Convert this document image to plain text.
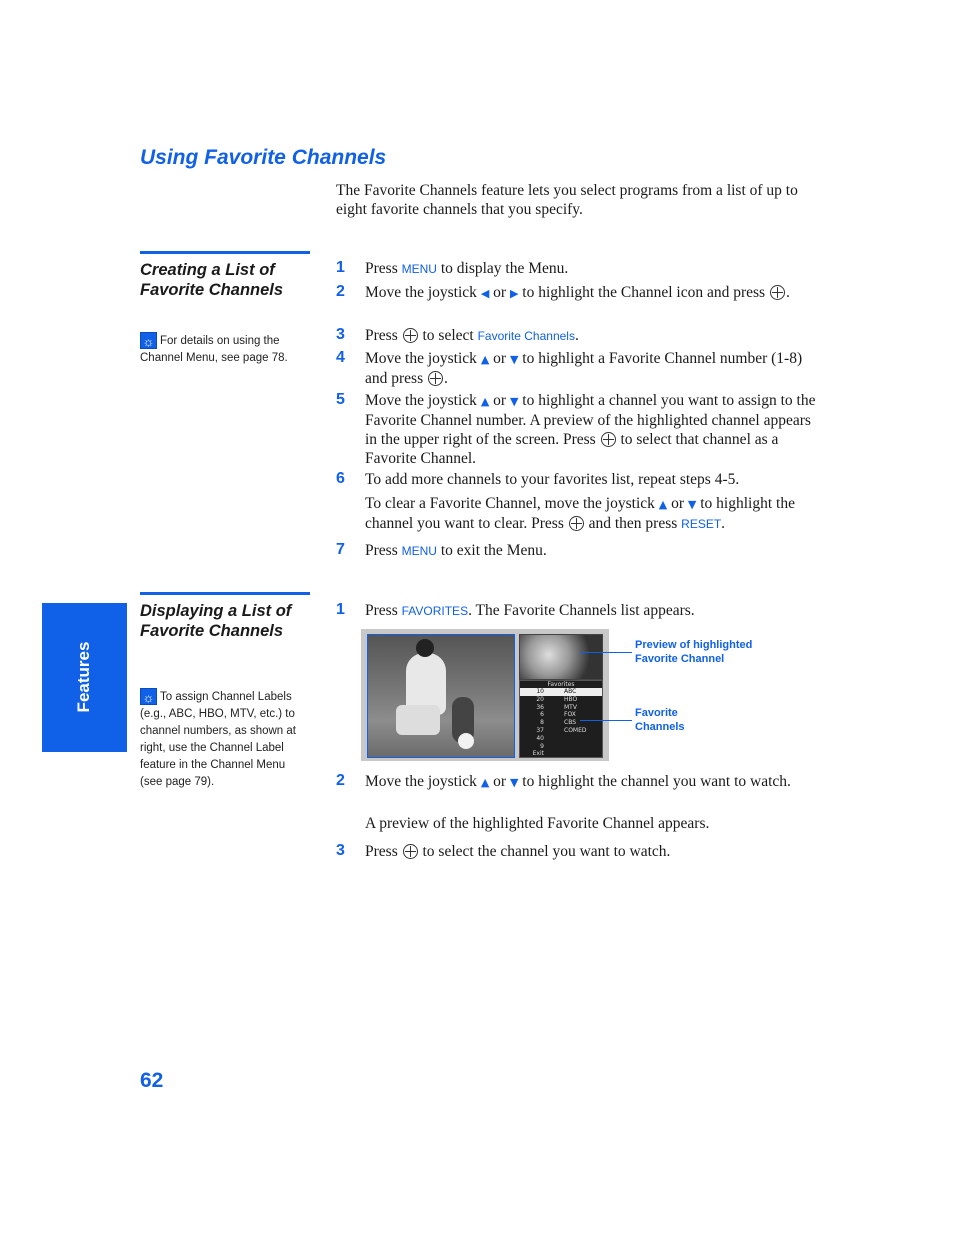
Using Favorite Channels
The Favorite Channels feature lets you select programs from a list of up to eight favorite channels that you specify.
Creating a List of Favorite Channels
☼ For details on using the Channel Menu, see page 78.
1 Press MENU to display the Menu.
2 Move the joystick ◀ or ▶ to highlight the Channel icon and press .
3 Press  to select Favorite Channels.
4 Move the joystick ▲ or ▼ to highlight a Favorite Channel number (1-8) and press .
5 Move the joystick ▲ or ▼ to highlight a channel you want to assign to the Favorite Channel number. A preview of the highlighted channel appears in the upper right of the screen. Press  to select that channel as a Favorite Channel.
6 To add more channels to your favorites list, repeat steps 4-5.
To clear a Favorite Channel, move the joystick ▲ or ▼ to highlight the channel you want to clear. Press  and then press RESET.
7 Press MENU to exit the Menu.
Features
Displaying a List of Favorite Channels
☼ To assign Channel Labels (e.g., ABC, HBO, MTV, etc.) to channel numbers, as shown at right, use the Channel Label feature in the Channel Menu (see page 79).
1 Press FAVORITES. The Favorite Channels list appears.
Favorites
10	ABC
20	HBO
36	MTV
6	FOX
8	CBS
37	COMED
40
9
Exit
Preview of highlighted Favorite Channel
Favorite Channels
2 Move the joystick ▲ or ▼ to highlight the channel you want to watch.
A preview of the highlighted Favorite Channel appears.
3 Press  to select the channel you want to watch.
62
